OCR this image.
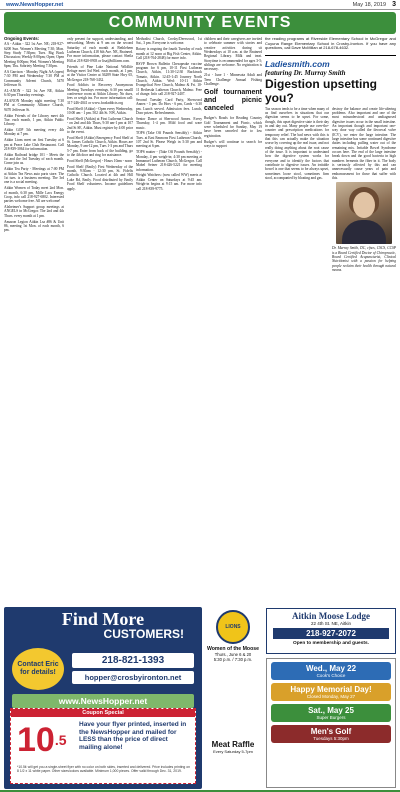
www.NewsHopper.net	May 18, 2019 3
COMMUNITY EVENTS
Ongoing Events:

AA - Aitkin - 322 1st Ave. NE; 218-927-6200 Sun. Women's Meeting 7:30; Mon. Step Study 7:30pm; Tues. Big Book Discussion; Weekly 8:00pm; Open; Open Meeting 8:00pm; Wed. Women's Meeting 6pm; Thu. Sobriety Meeting 7:30pm.

AA Garrison - Monday Night AA (open) 7:30 PM and Wednesday 7:30 PM at Community Advent Church, 5470 Jefferson St.

AL-ANON - 322 1st Ave NE, Aitkin 6:30 pm Thursday evenings.

ALANON Monday night meeting 7:30 PM at Community Alliance Church, 9470 Jefferson St.

Aitkin Friends of the Library meet 4th Tue. each month, 1 pm, Aitkin Public Library.

Aitkin GOP 5th meeting every 4th Monday at 7 pm.

Aitkin Lions meet on first Tuesday at 6 pm at Peace Lake Club Restaurant. Call 218-839-3064 for information.

Aitkin Railroad bridge 101 - Meets the 1st and the 3rd Tuesday of each month. Come join us.

Aitkin Tea Party - Meetings at 7:00 PM at Aitkin Tea News auto parts store. The 1st tues. is a business meeting. The 3rd one is a social meeting.

Aitkin Women of Today meet 2nd Mon. of month, 6:30 pm, Mille Lacs Energy Coop, info call 218-927-6802. Interested parties welcome free. All are welcome!

Alzheimer's Support group meetings at ANGELS in McGregor. The 2nd and 4th Thurs. every month at 1 pm.

Amazon Legion Aitkin Lsa #86 & Unit 86, meeting 1st Mon. of each month, 6 pm.

only present for support, understanding, and networking. Meets at 9 am on the second Saturday of each month at Bethlehem Lutheran Church, 418 6th Ave. NE, Brainerd. For more information, please contact Sheila Hill at 218-820-0903 or lisa@hillfarm.com.

Friends of Pine Lake National Wildlife Refuge meet 3rd Wed. each month, at 1 pm, at the Visitor Center at 36289 State Hwy 65, McGregor 218-768-3432.

Food Addicts in Recovery Anonymous Meeting Tuesdays evenings, 6:30 pm smalll conference room at Aitkin Library. No dues, fees or weigh ins. For more information call: 317-246-4041 or www.foodaddicts.org

Food Shelf (Aitkin) - Open every Wednesday, 10:00 am - 1 pm. 502 4th St. NW, Aitkin.

Food Shelf (Aitkin) at First Lutheran Church - on 2nd and 4th Thurs, 9:30 am-1 pm at 107 2nd St SE, Aitkin. Must register by 4:00 prior to the event.

Food Shelf (Aitkin) Emergency Food Shelf at St. James Catholic Church, Aitkin. Hours are Monday, 9 am-12 pm, Tues 1-3 pm and Thurs 5-7 pm. Enter from back of the building, go to the 4th door and ring for assistance.

Food Shelf (McGregor) - Hours 10am - noon

Food Shelf (Emily) First Wednesday of the month, 9:30am - 12:30 pm, St. Fidelis Catholic Church. Located at 4th and Hill Lake Rd, Emily. Food distributed by Emily Food Shelf volunteers. Income guidelines apply.

Methodist Church, Crosby/Deerwood, 1st Sat., 3 pm. Everyone is welcome.

Rotary is ongoing the fourth Tuesday of each month at 12 noon at Big Fish Center, Aitkin. Call (218-764-2848) for more info.

RSVP Brown Bulletin Chesapeake vaccine program for 6 pm, 10-11 First Lutheran Church, Aitkin, 11:30-12:30 Backtrack Tomato, Aitkin. 12:45-1:45 Journey North Church, Aitkin. Wed: 10-11 Aitkin Evangelical Free Church, Malmo & Fri. 10-11 Bethesda Lutheran Church, Malmo. Free of charge. Info call 218-927-2407.

Second Tuesday Card Party, Sherwood Annex - 1 pm. Do Hors - 6 pm, Cards - 6:30 pm. Lunch served. Admission fees. Lunch, Door prizes. Refreshments.

Senior Dance at Sherwood Annex. Every Thursday, 1-4 pm. Mild food and ware music.

TOPS (Take Off Pounds Sensibly) - Aitkin Tues. at East Emmons First Lutheran Church, 107 2nd St. Please Weigh in 5:30 pm and meeting at 6 pm.

TOPS mutter - (Take Off Pounds Sensibly) - Monday, 4 pm weigh-in; 4:30 pm meeting at Immanuel Lutheran Church, McGregor. Call Mabel Seiner 218-426-5221 for meeting information.

Weight Watchers: (now called WW) meets at Aitkin Center on Saturdays at 9:45 am. Weigh-in begins at 9:15 am. For more info call 218-839-9775.

children and their caregivers are invited to celebrate summer with stories and creative activities during sit Wednesdays at 10 a.m. at the Brainerd Regional Library. Milk and treat. Storytime is recommended for ages 3-5; siblings are welcome. No registration is necessary.

21st - June 1 - Minnesota Adult and Teen Challenge Annual Fishing Challenge.

Golf tournament and picnic canceled

Rudger's Roads for Reading Country Golf Tournament and Picnic, which were scheduled for Sunday, May 19 have been canceled due to low registration.

Rudger's will continue to search for ways to support

the reading programs at Riverside Elementary School in McGregor and Cuyuna Range Elementary School in Crosby-Ironton. If you have any questions, call Dave McMillan at 218-678-4632.

Ladiesmith.com
featuring Dr. Murray Smith
Digestion upsetting you?
Tax season tends to be a time when many of us find ourselves in situations that our digestion seems to be upset. For some, though, this upset digestive state is their day in and day out. Many people use over-the-counter and prescription medications for temporary relief. The bad news with this is that this can actually make the situation worse by covering up the real issue, and not really doing anything about the root cause of the issue. It is important to understand how the digestive system works for everyone and to identify the factors that contribute to digestive issues. An irritable bowel is one that seems to be always upset, sometimes loose stool, sometimes firm stool, accompanied by bloating and gas.
destroy the balance and create life-altering problems. Also important and one of the most misunderstood and undiagnosed digestive issues occur in the small intestine. An important though and important one-way door way called the ileocecal valve (ICV), we enter the large intestine. The large intestine has some continued digestive duties including pulling water out of the remaining mix. Irritable Bowel Syndrome occurs here. The end of the large intestine break down and the good bacteria in high numbers ferments the fiber in it. The body is seriously affected by this and can unnecessarily cause years of pain and embarrassment for those that suffer with this.
Dr. Murray Smith, DC, cfncs, CSCS, CCSP is a Board Certified Doctor of Chiropractic, Board Certified Acupuncturist, Clinical Nutritionist with a passion for helping people reclaim their health through natural means.
Find More
CUSTOMERS!
Contact Eric for details!
218-821-1393
hopper@crosbyironton.net
www.NewsHopper.net
Coupon Special
$10^{.5}$
Have your flyer printed, inserted in the NewsHopper and mailed for LESS than the price of direct mailing alone!
*10.5¢ will get you a single-sheet flyer with no color on both sides, inserted and delivered. Price includes printing on 8 1/2 x 11 white paper. Other sizes/colors available. Minimum 1,000 pieces. Offer valid through Dec. 31, 2019.
LIONS
Women of the Moose
Thurs., June 6 & 20
5:30 p.m. / 7:30 p.m.
Meat Raffle
Every Saturday 5-7pm
Aitkin Moose Lodge
22 4th St. NE, Aitkin
218-927-2072
Open to membership and guests.
Wed., May 22
Cook's Choice
Happy Memorial Day!
Closed Monday, May 27
Sat., May 25
Super Burgers
Men's Golf
Tuesdays 5:30pm
